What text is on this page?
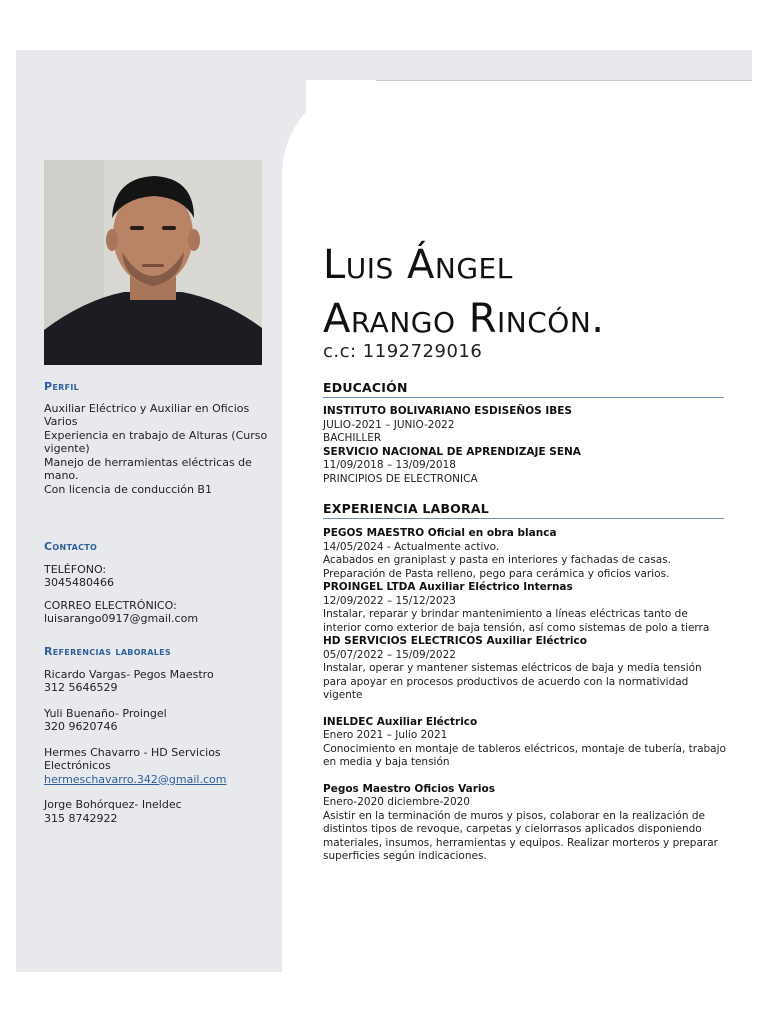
Perfil

Auxiliar Eléctrico y Auxiliar en Oficios Varios

Experiencia en trabajo de Alturas (Curso vigente)

Manejo de herramientas eléctricas de mano.

Con licencia de conducción B1

Contacto

TELÉFONO:

3045480466

CORREO ELECTRÓNICO:

luisarango0917@gmail.com

Referencias laborales

Ricardo Vargas- Pegos Maestro

312 5646529

Yuli Buenaño- Proingel

320 9620746

Hermes Chavarro - HD Servicios Electrónicos

hermeschavarro.342@gmail.com

Jorge Bohórquez- Ineldec

315 8742922

Luis Ángel
Arango Rincón.
c.c: 1192729016
EDUCACIÓN

INSTITUTO BOLIVARIANO ESDISEÑOS IBES

JULIO-2021 – JUNIO-2022

BACHILLER

SERVICIO NACIONAL DE APRENDIZAJE SENA

11/09/2018 – 13/09/2018

PRINCIPIOS DE ELECTRONICA

EXPERIENCIA LABORAL

PEGOS MAESTRO Oficial en obra blanca

14/05/2024 - Actualmente activo.

Acabados en graniplast y pasta en interiores y fachadas de casas. Preparación de Pasta relleno, pego para cerámica y oficios varios.

PROINGEL LTDA Auxiliar Eléctrico Internas

12/09/2022 – 15/12/2023

Instalar, reparar y brindar mantenimiento a líneas eléctricas tanto de interior como exterior de baja tensión, así como sistemas de polo a tierra

HD SERVICIOS ELECTRICOS Auxiliar Eléctrico

05/07/2022 – 15/09/2022

Instalar, operar y mantener sistemas eléctricos de baja y media tensión para apoyar en procesos productivos de acuerdo con la normatividad vigente

INELDEC Auxiliar Eléctrico

Enero 2021 – Julio 2021

Conocimiento en montaje de tableros eléctricos, montaje de tubería, trabajo en media y baja tensión

Pegos Maestro Oficios Varios

Enero-2020 diciembre-2020

Asistir en la terminación de muros y pisos, colaborar en la realización de distintos tipos de revoque, carpetas y cielorrasos aplicados disponiendo materiales, insumos, herramientas y equipos. Realizar morteros y preparar superficies según indicaciones.
